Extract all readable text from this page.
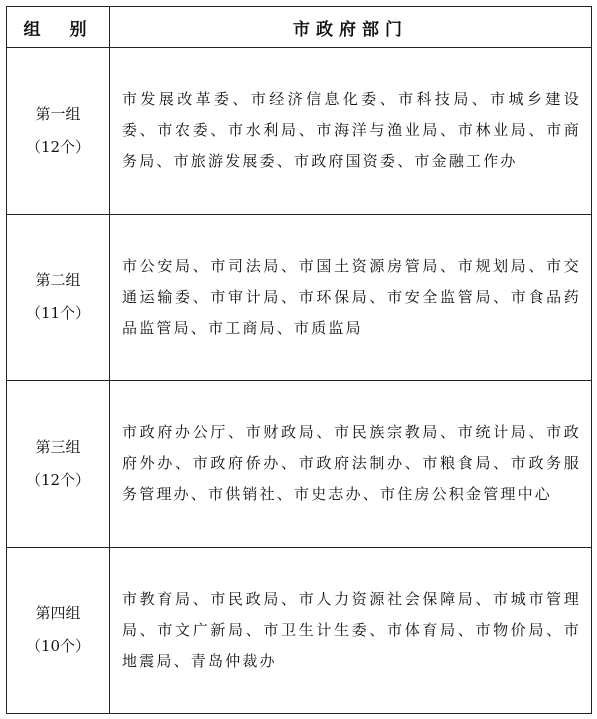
组　别	市政府部门

第一组
（12个）	市发展改革委、市经济信息化委、市科技局、市城乡建设委、市农委、市水利局、市海洋与渔业局、市林业局、市商务局、市旅游发展委、市政府国资委、市金融工作办

第二组
（11个）	市公安局、市司法局、市国土资源房管局、市规划局、市交通运输委、市审计局、市环保局、市安全监管局、市食品药品监管局、市工商局、市质监局

第三组
（12个）	市政府办公厅、市财政局、市民族宗教局、市统计局、市政府外办、市政府侨办、市政府法制办、市粮食局、市政务服务管理办、市供销社、市史志办、市住房公积金管理中心

第四组
（10个）	市教育局、市民政局、市人力资源社会保障局、市城市管理局、市文广新局、市卫生计生委、市体育局、市物价局、市地震局、青岛仲裁办
